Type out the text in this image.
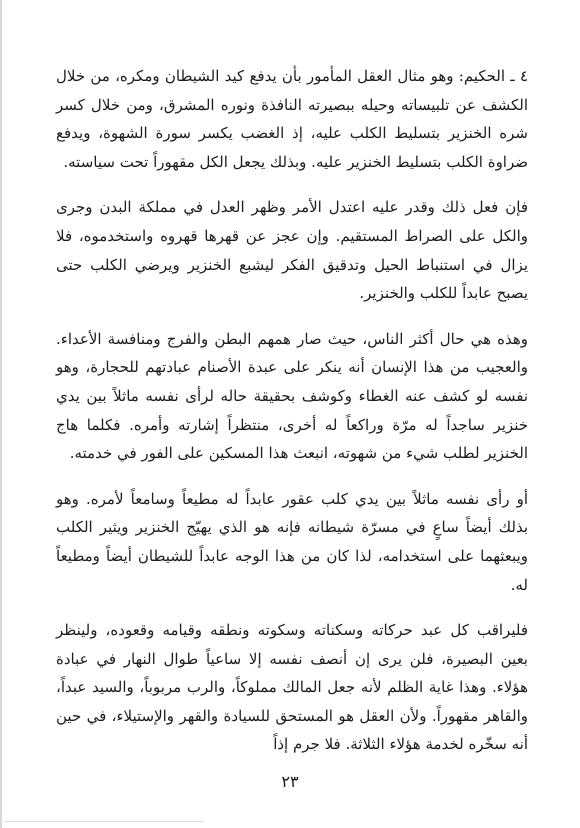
٤ ـ الحكيم: وهو مثال العقل المأمور بأن يدفع كيد الشيطان ومكره، من خلال الكشف عن تلبيساته وحيله ببصيرته النافذة ونوره المشرق، ومن خلال كسر شره الخنزير بتسليط الكلب عليه، إذ الغضب يكسر سورة الشهوة، ويدفع ضراوة الكلب بتسليط الخنزير عليه. وبذلك يجعل الكل مقهوراً تحت سياسته.

فإن فعل ذلك وقدر عليه اعتدل الأمر وظهر العدل في مملكة البدن وجرى والكل على الصراط المستقيم. وإن عجز عن قهرها قهروه واستخدموه، فلا يزال في استنباط الحيل وتدقيق الفكر ليشبع الخنزير ويرضي الكلب حتى يصبح عابداً للكلب والخنزير.

وهذه هي حال أكثر الناس، حيث صار همهم البطن والفرج ومنافسة الأعداء. والعجيب من هذا الإنسان أنه ينكر على عبدة الأصنام عبادتهم للحجارة، وهو نفسه لو كشف عنه الغطاء وكوشف بحقيقة حاله لرأى نفسه ماثلاً بين يدي خنزير ساجداً له مرّة وراكعاً له أخرى، منتظراً إشارته وأمره. فكلما هاج الخنزير لطلب شيء من شهوته، انبعث هذا المسكين على الفور في خدمته.

أو رأى نفسه ماثلاً بين يدي كلب عقور عابداً له مطيعاً وسامعاً لأمره. وهو بذلك أيضاً ساعٍ في مسرّة شيطانه فإنه هو الذي يهيّج الخنزير ويثير الكلب ويبعثهما على استخدامه، لذا كان من هذا الوجه عابداً للشيطان أيضاً ومطيعاً له.

فليراقب كل عبد حركاته وسكناته وسكوته ونطقه وقيامه وقعوده، ولينظر بعين البصيرة، فلن يرى إن أنصف نفسه إلا ساعياً طوال النهار في عبادة هؤلاء. وهذا غاية الظلم لأنه جعل المالك مملوكاً، والرب مربوباً، والسيد عبداً، والقاهر مقهوراً. ولأن العقل هو المستحق للسيادة والقهر والإستيلاء، في حين أنه سخّره لخدمة هؤلاء الثلاثة. فلا جرم إذاً

٢٣
